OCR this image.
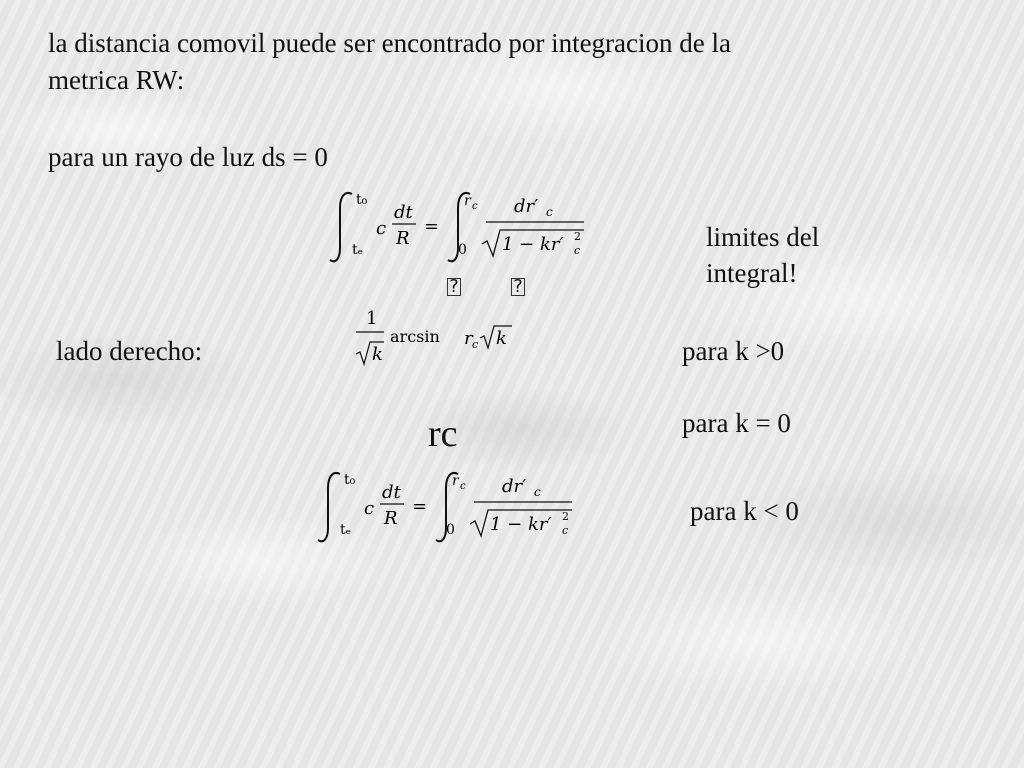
la distancia comovil puede ser encontrado por integracion de la
metrica RW:
para un rayo de luz ds = 0
t₀
tₑ
c
dt
R
=
r c
0
dr′ c
1 − kr′ 2
c	limites del
integral!
?	?
lado derecho:
1
k
arcsin r c k	para k >0
para k = 0
rc
t₀
tₑ
c
dt
R
=
r c
0
dr′ c
1 − kr′ 2
c
para k < 0
